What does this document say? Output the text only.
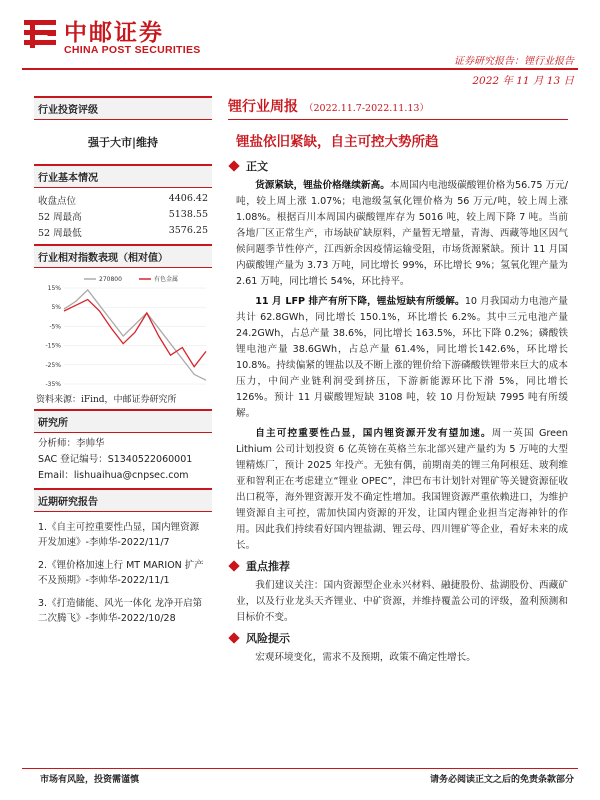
中邮证券
CHINA POST SECURITIES
证券研究报告：锂行业报告
2022 年 11 月 13 日
行业投资评级
强于大市|维持
行业基本情况
收盘点位	4406.42
52 周最高	5138.55
52 周最低	3576.25
行业相对指数表现（相对值）
15%
5%
-5%
-15%
-25%
-35%
270800	有色金属
资料来源：iFind，中邮证券研究所
研究所
分析师：李帅华
SAC 登记编号：S1340522060001
Email：lishuaihua@cnpsec.com
近期研究报告

1.《自主可控重要性凸显，国内锂资源开发加速》-李帅华-2022/11/7

2.《锂价格加速上行 MT MARION 扩产不及预期》-李帅华-2022/11/1

3.《打造储能、风光一体化 龙净开启第二次腾飞》-李帅华-2022/10/28

锂行业周报 （2022.11.7-2022.11.13）
锂盐依旧紧缺，自主可控大势所趋
正文

货源紧缺，锂盐价格继续新高。本周国内电池级碳酸锂价格为56.75 万元/吨，较上周上涨 1.07%；电池级氢氧化锂价格为 56 万元/吨，较上周上涨 1.08%。根据百川本周国内碳酸锂库存为 5016 吨，较上周下降 7 吨。当前各地厂区正常生产，市场缺矿缺原料，产量暂无增量，青海、西藏等地区因气候问题季节性停产，江西新余因疫情运输受阻，市场货源紧缺。预计 11 月国内碳酸锂产量为 3.73 万吨，同比增长 99%，环比增长 9%；氢氧化锂产量为 2.61 万吨，同比增长 54%，环比持平。

11 月 LFP 排产有所下降，锂盐短缺有所缓解。10 月我国动力电池产量共计 62.8GWh，同比增长 150.1%，环比增长 6.2%。其中三元电池产量 24.2GWh，占总产量 38.6%，同比增长 163.5%，环比下降 0.2%；磷酸铁锂电池产量 38.6GWh，占总产量 61.4%，同比增长142.6%，环比增长 10.8%。持续偏紧的锂盐以及不断上涨的锂价给下游磷酸铁锂带来巨大的成本压力，中间产业链利润受到挤压，下游新能源环比下滑 5%，同比增长 126%。预计 11 月碳酸锂短缺 3108 吨，较 10 月份短缺 7995 吨有所缓解。

自主可控重要性凸显，国内锂资源开发有望加速。周一英国 Green Lithium 公司计划投资 6 亿英镑在英格兰东北部兴建产量约为 5 万吨的大型锂精炼厂，预计 2025 年投产。无独有偶，前期南美的锂三角阿根廷、玻利维亚和智利正在考虑建立“锂业 OPEC”，津巴布韦计划针对锂矿等关键资源征收出口税等，海外锂资源开发不确定性增加。我国锂资源严重依赖进口，为维护锂资源自主可控，需加快国内资源的开发，让国内锂企业担当定海神针的作用。因此我们持续看好国内锂盐湖、锂云母、四川锂矿等企业，看好未来的成长。

重点推荐

我们建议关注：国内资源型企业永兴材料、融捷股份、盐湖股份、西藏矿业，以及行业龙头天齐锂业、中矿资源，并维持覆盖公司的评级，盈利预测和目标价不变。

风险提示

宏观环境变化，需求不及预期，政策不确定性增长。

市场有风险，投资需谨慎	请务必阅读正文之后的免责条款部分
